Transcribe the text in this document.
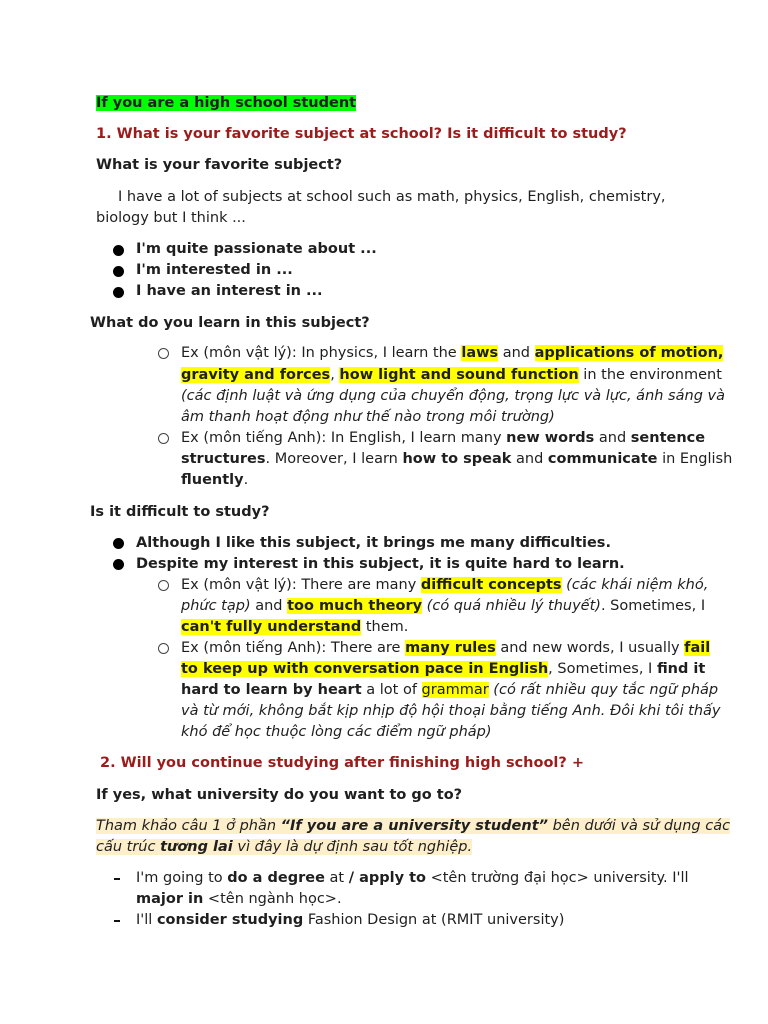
If you are a high school student
1. What is your favorite subject at school? Is it difficult to study?
What is your favorite subject?
I have a lot of subjects at school such as math, physics, English, chemistry,
biology but I think ...
I'm quite passionate about ...
I'm interested in ...
I have an interest in ...
What do you learn in this subject?
Ex (môn vật lý): In physics, I learn the laws and applications of motion,
gravity and forces, how light and sound function in the environment
(các định luật và ứng dụng của chuyển động, trọng lực và lực, ánh sáng và
âm thanh hoạt động như thế nào trong môi trường)
Ex (môn tiếng Anh): In English, I learn many new words and sentence
structures. Moreover, I learn how to speak and communicate in English
fluently.
Is it difficult to study?
Although I like this subject, it brings me many difficulties.
Despite my interest in this subject, it is quite hard to learn.
Ex (môn vật lý): There are many difficult concepts (các khái niệm khó,
phức tạp) and too much theory (có quá nhiều lý thuyết). Sometimes, I
can't fully understand them.
Ex (môn tiếng Anh): There are many rules and new words, I usually fail
to keep up with conversation pace in English, Sometimes, I find it
hard to learn by heart a lot of grammar (có rất nhiều quy tắc ngữ pháp
và từ mới, không bắt kịp nhịp độ hội thoại bằng tiếng Anh. Đôi khi tôi thấy
khó để học thuộc lòng các điểm ngữ pháp)
2. Will you continue studying after finishing high school? +
If yes, what university do you want to go to?
Tham khảo câu 1 ở phần “If you are a university student” bên dưới và sử dụng các
cấu trúc tương lai vì đây là dự định sau tốt nghiệp.
I'm going to do a degree at / apply to <tên trường đại học> university. I'll
major in <tên ngành học>.
I'll consider studying Fashion Design at (RMIT university)
